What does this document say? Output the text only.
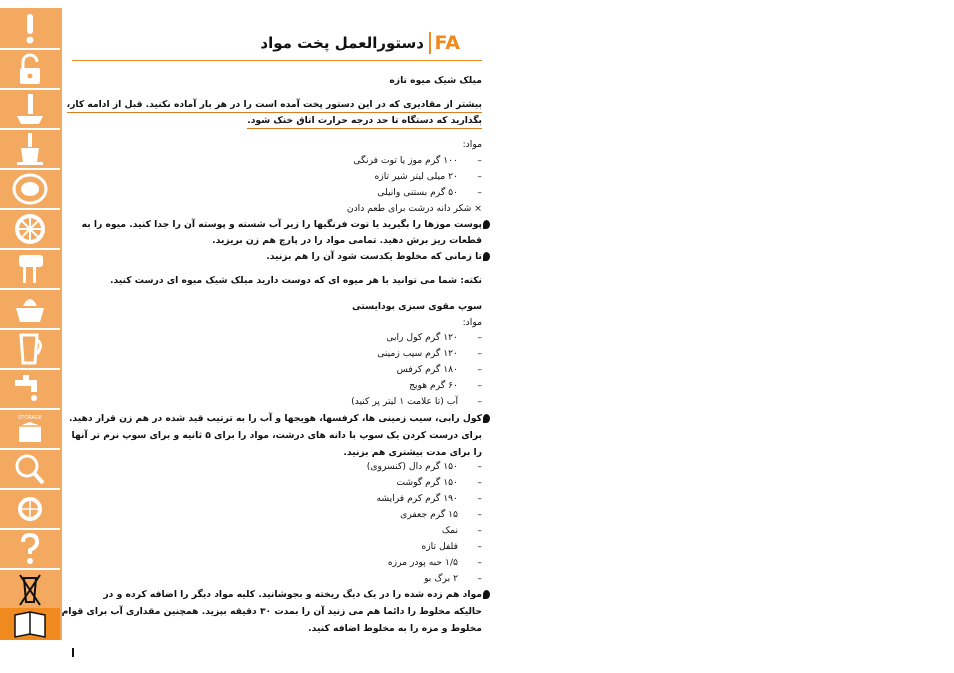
STORAGE
FA
دستورالعمل پخت مواد
میلک شیک میوه تازه
بیشتر از مقادیری که در این دستور پخت آمده است را در هر بار آماده نکنید. قبل از ادامه کار،
بگذارید که دستگاه تا حد درجه حرارت اتاق خنک شود.
مواد:
–۱۰۰ گرم موز یا توت فرنگی
–۲۰ میلی لیتر شیر تازه
–۵۰ گرم بستنی وانیلی
× شکر دانه درشت برای طعم دادن
پوست موزها را بگیرید یا توت فرنگیها را زیر آب شسته و پوسته آن را جدا کنید. میوه را به
قطعات ریز برش دهید. تمامی مواد را در پارچ هم زن بریزید.
تا زمانی که مخلوط یکدست شود آن را هم بزنید.
نکته: شما می توانید با هر میوه ای که دوست دارید میلک شیک میوه ای درست کنید.
سوپ مقوی سبزی بودایستی
مواد:
–۱۲۰ گرم کول رابی
–۱۲۰ گرم سیب زمینی
–۱۸۰ گرم کرفس
–۶۰ گرم هویج
–آب (تا علامت ۱ لیتر پر کنید)
کول رابی، سیب زمینی ها، کرفسها، هویجها و آب را به ترتیب قید شده در هم زن قرار دهید.
برای درست کردن یک سوپ با دانه های درشت، مواد را برای ۵ ثانیه و برای سوپ نرم تر آنها
را برای مدت بیشتری هم بزنید.
–۱۵۰ گرم دال (کنسروی)
–۱۵۰ گرم گوشت
–۱۹۰ گرم کرم فرایشه
–۱۵ گرم جعفری
–نمک
–فلفل تازه
–۱/۵ حبه پودر مرزه
–۲ برگ بو
مواد هم زده شده را در یک دیگ ریخته و بجوشانید. کلیه مواد دیگر را اضافه کرده و در
حالیکه مخلوط را دائما هم می زنید آن را بمدت ۳۰ دقیقه بپزید. همچنین مقداری آب برای قوام
مخلوط و مزه را به مخلوط اضافه کنید.
